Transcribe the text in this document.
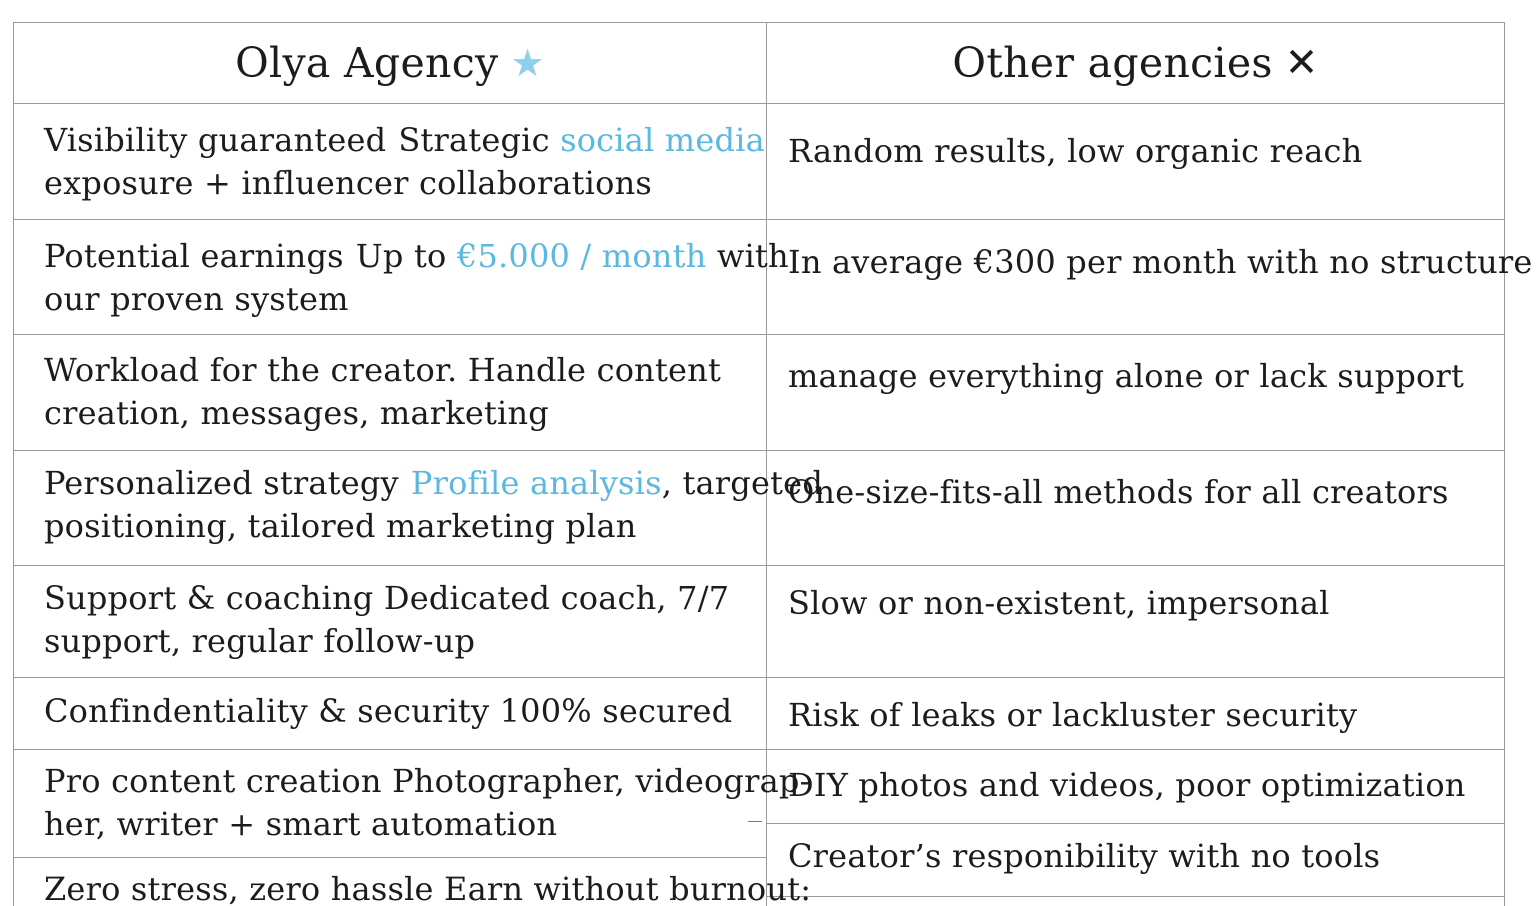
Olya Agency ★	Other agencies ✕
Visibility guaranteed Strategic social media
exposure + influencer collaborations
Random results, low organic reach
Potential earnings Up to €5.000 / month with
our proven system
In average €300 per month with no structure
Workload for the creator. Handle content
creation, messages, marketing
manage everything alone or lack support
Personalized strategy Profile analysis, targeted
positioning, tailored marketing plan
One-size-fits-all methods for all creators
Support & coaching Dedicated coach, 7/7
support, regular follow-up
Slow or non-existent, impersonal
Confindentiality & security 100% secured Risk of leaks or lackluster security
Pro content creation Photographer, videograp-
her, writer + smart automation
DIY photos and videos, poor optimization
Zero stress, zero hassle Earn without burnout:
Creator’s responibility with no tools
